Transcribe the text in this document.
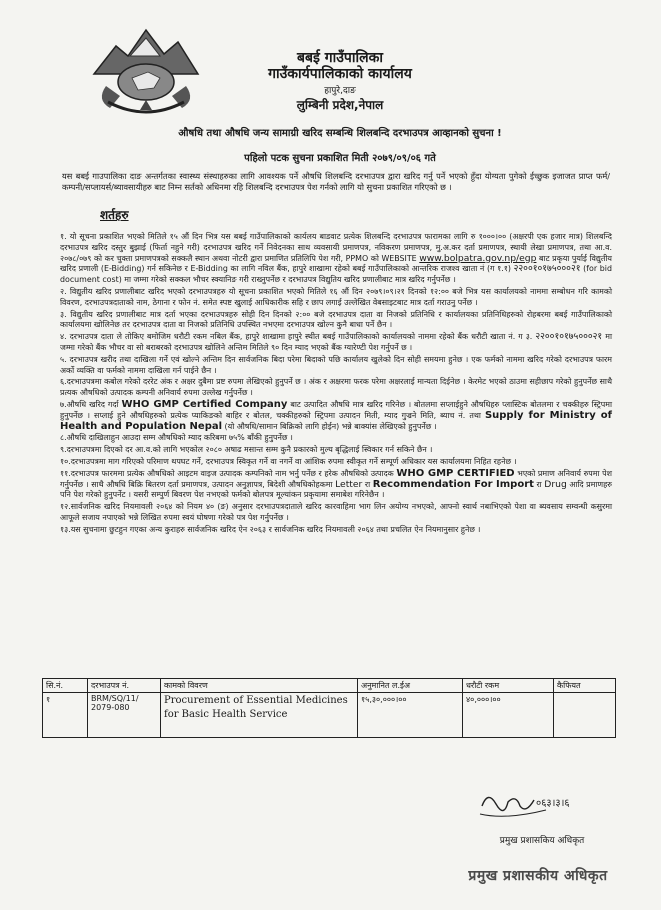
बबई गाउँपालिका
गाउँकार्यपालिकाको कार्यालय
हापुरे,दाङ
लुम्बिनी प्रदेश,नेपाल
औषधि तथा औषधि जन्य सामाग्री खरिद सम्बन्धि शिलबन्दि दरभाउपत्र आव्हानको सुचना !
पहिलो पटक सुचना प्रकाशित मिती २०७९/०९/०६ गते
यस बबई गाउपालिका दाङ अन्तर्गतका स्वास्थ्य संस्थाहरुका लागि आवश्यक पर्ने औषधि शिलबन्दि दरभाउपत्र द्वारा खरिद गर्नु पर्ने भएको हुँदा योग्यता पुगेको ईच्छुक इजाजत प्राप्त फर्म/कम्पनी/सप्लायर्स/ब्यावसायीहरु बाट निम्न सर्तको अधिनमा रहि शिलबन्दि दरभाउपत्र पेश गर्नको लागि यो सुचना प्रकाशित गरिएको छ ।
शर्तहरु

१. यो सूचना प्रकाशित भएको मितिले १५ औं दिन भित्र यस बबई गाउँपालिकाको कार्यलय बाडवाट प्रत्येक शिलबन्दि दरभाउपत्र फारामका लागि रु १०००।०० (अक्षरपी एक हजार मात्र) शिलबन्दि दरभाउपत्र खरिद दस्तुर बुझाई (फिर्ता नहुने गरी) दरभाउपत्र खरिद गर्ने निवेदनका साथ व्यवसायी प्रमाणपत्र, नविकरण प्रमाणपत्र, मु.अ.कर दर्ता प्रमाणपत्र, स्थायी लेखा प्रमाणपत्र, तथा आ.व. २०७८/०७९ को कर चुक्ता प्रमाणपत्रको सक्कलै स्थान अथवा नोटरी द्वारा प्रमाणित प्रतिलिपि पेश गरी, PPMO को WEBSITE www.bolpatra.gov.np/egp बाट प्रकृया पुर्याई विद्युतीय खरिद प्रणाली (E-Bidding) गर्न सकिनेछ र E-Bidding का लागि नविल बैंक, हापुरे शाखामा रहेको बबई गाउँपालिकाको आन्तरिक राजश्व खाता नं (ग १.१) २२००१०१७५०००२१ (for bid document cost) मा जम्मा गरेको सक्कल भौचर स्क्यानिङ गरी राख्नुपर्नेछ र दरभाउपत्र विद्युतिय खरिद प्रणालीबाट मात्र खरिद गर्नुपर्नेछ ।

२. विद्युतीय खरिद प्रणालीबाट खरिद भएको दरभाउपत्रहरु यो सूचना प्रकाशित भएको मितिले १६ औं दिन २०७९।०९।२१ दिनको १२:०० बजे भित्र यस कार्यालयको नाममा सम्बोधन गरि कामको विवरण, दरभाउपत्रदाताको नाम, ठेगाना र फोन नं. समेत स्पष्ट खुलाई आधिकारीक सहि र छाप लगाई उल्लेखित वेबसाइटबाट मात्र दर्ता गराउनु पर्नेछ ।

३. विद्युतीय खरिद प्रणालीबाट मात्र दर्ता भएका दरभाउपत्रहरु सोही दिन दिनको २:०० बजे दरभाउपत्र दाता वा निजको प्रतिनिधि र कार्यालयका प्रतिनिधिहरुको रोहबरमा बबई गाउँपालिकाको कार्यालयमा खोलिनेछ तर दरभाउपत्र दाता वा निजको प्रतिनिधि उपस्थित नभएमा दरभाउपत्र खोल्न कुनै बाधा पर्ने छैन ।

४. दरभाउपत्र दाता ले तोकिए बमोजिम धरौटी रकम नबिल बैंक, हापुरे शाखामा हापुरे स्थीत बबई गाउँपालिकाको कार्यालयको नाममा रहेको बैंक धरौटी खाता नं. ग ३. २२००१०१७५०००२१ मा जम्मा गरेको बैंक भौचर वा सो बराबरको दरभाउपत्र खोलिने अन्तिम मितिले ९० दिन म्याद भएको बैंक ग्यारेण्टी पेश गर्नुपर्ने छ ।

५. दरभाउपत्र खरीद तथा दाखिला गर्ने एवं खोल्ने अन्तिम दिन सार्वजनिक बिदा परेमा बिदाको पछि कार्यालय खुलेको दिन सोही समयमा हुनेछ । एक फर्मको नाममा खरिद गरेको दरभाउपत्र फारम अर्को व्यक्ति वा फर्मको नाममा दाखिला गर्न पाईने छैन ।

६.दरभाउपत्रमा कबोल गरेको दररेट अंक र अक्षर दुबैमा प्रष्ट रुपमा लेखिएको हुनुपर्ने छ । अंक र अक्षरमा फरक परेमा अक्षरलाई मान्यता दिईनेछ । केरमेट भएको ठाउमा सहीछाप गरेको हुनुपर्नेछ साथै प्रत्यक औषधिको उत्पादक कम्पनी अनिवार्य रुपमा उल्लेख गर्नुपर्नेछ ।

७.औषधि खरिद गर्दा WHO GMP Certified Company बाट उत्पादित औषधि मात्र खरिद गरिनेछ । बोतलमा सप्लाईहुने औषधिहरु प्लास्टिक बोतलमा र चक्कीहरु स्ट्रिपमा हुनुपर्नेछ । सप्लाई हुने औषधिहरुको प्रत्येक प्याकिङको बाहिर र बोतल, चक्कीहरुको स्ट्रिपमा उत्पादन मिती, म्याद गुज्रने मिति, ब्याच नं. तथा Supply for Ministry of Health and Population Nepal (यो औषधि/सामान बिक्रिको लागि होईन) भन्ने बाक्यांस लेखिएको हुनुपर्नेछ ।

८.औषधि दाखिलाहुन आउदा सम्म औषधिको म्याद करिबमा ७५% बाँकी हुनुपर्नेछ ।

९.दरभाउपत्रमा दिएको दर आ.व.को लागि भएकोल २०८० अषाढ मसान्त सम्म कुनै प्रकारको मुल्य बृद्धिलाई स्विकार गर्न सकिने छैन ।

१०.दरभाउपत्रमा माग गरिएको परिमाण थपघट गर्ने, दरभाउपत्र स्विकृत गर्ने वा नगर्ने वा आंशिक रुपमा स्वीकृत गर्ने सम्पूर्ण अधिकार यस कार्यालयमा निहित रहनेछ ।

११.दरभाउपत्र फारममा प्रत्येक औषधिको आइटम वाइज उत्पादक कम्पनिको नाम भर्नु पर्नेछ र हरेक औषधिको उत्पादक WHO GMP CERTIFIED भएको प्रमाण अनिवार्य रुपमा पेश गर्नुपर्नेछ । साथै औषधि बिक्रि बितरण दर्ता प्रमाणपत्र, उत्पादन अनुज्ञापत्र, बिदेशी औषधिकोहकमा Letter रा Recommendation For Import रा Drug आदि प्रमाणहरु पनि पेश गरेको हुनुपर्नेट । यसरी सम्पुर्ण बिवरण पेश नभएको फर्मको बोलपत्र मूल्यांकन प्रकृयामा समाबेश गरिनेछैन ।

१२.सार्वजनिक खरिद नियमावली २०६४ को नियम ४० (ङ) अनुसार दरभाउपत्रदाताले खरिद कारवाहिमा भाग लिन अयोग्य नभएको, आफ्नो स्वार्थ नबाभिएको पेशा वा ब्यवसाय सम्वन्धी कसुरमा आफूले सजाय नपाएको भन्ने लिखित रुपमा स्वयं घोषणा गरेको पत्र पेश गर्नुपर्नेछ ।

१३.यस सुचनामा छुटहुन गएका अन्य कुराहरु सार्वजनिक खरिद ऐन २०६३ र सार्वजनिक खरिद नियमावली २०६४ तथा प्रचलित ऐन नियमानुसार हुनेछ ।

सि.नं.	दरभाउपत्र नं.	कामको विवरण	अनुमानित ल.ईअ	धरौटी रकम	कैफियत
१	BRM/SQ/11/ 2079-080	Procurement of Essential Medicines for Basic Health Service	१५,३०,०००।००	४०,०००।००	
०६३।३।६
प्रमुख प्रशासकिय अधिकृत
प्रमुख प्रशासकीय अधिकृत
